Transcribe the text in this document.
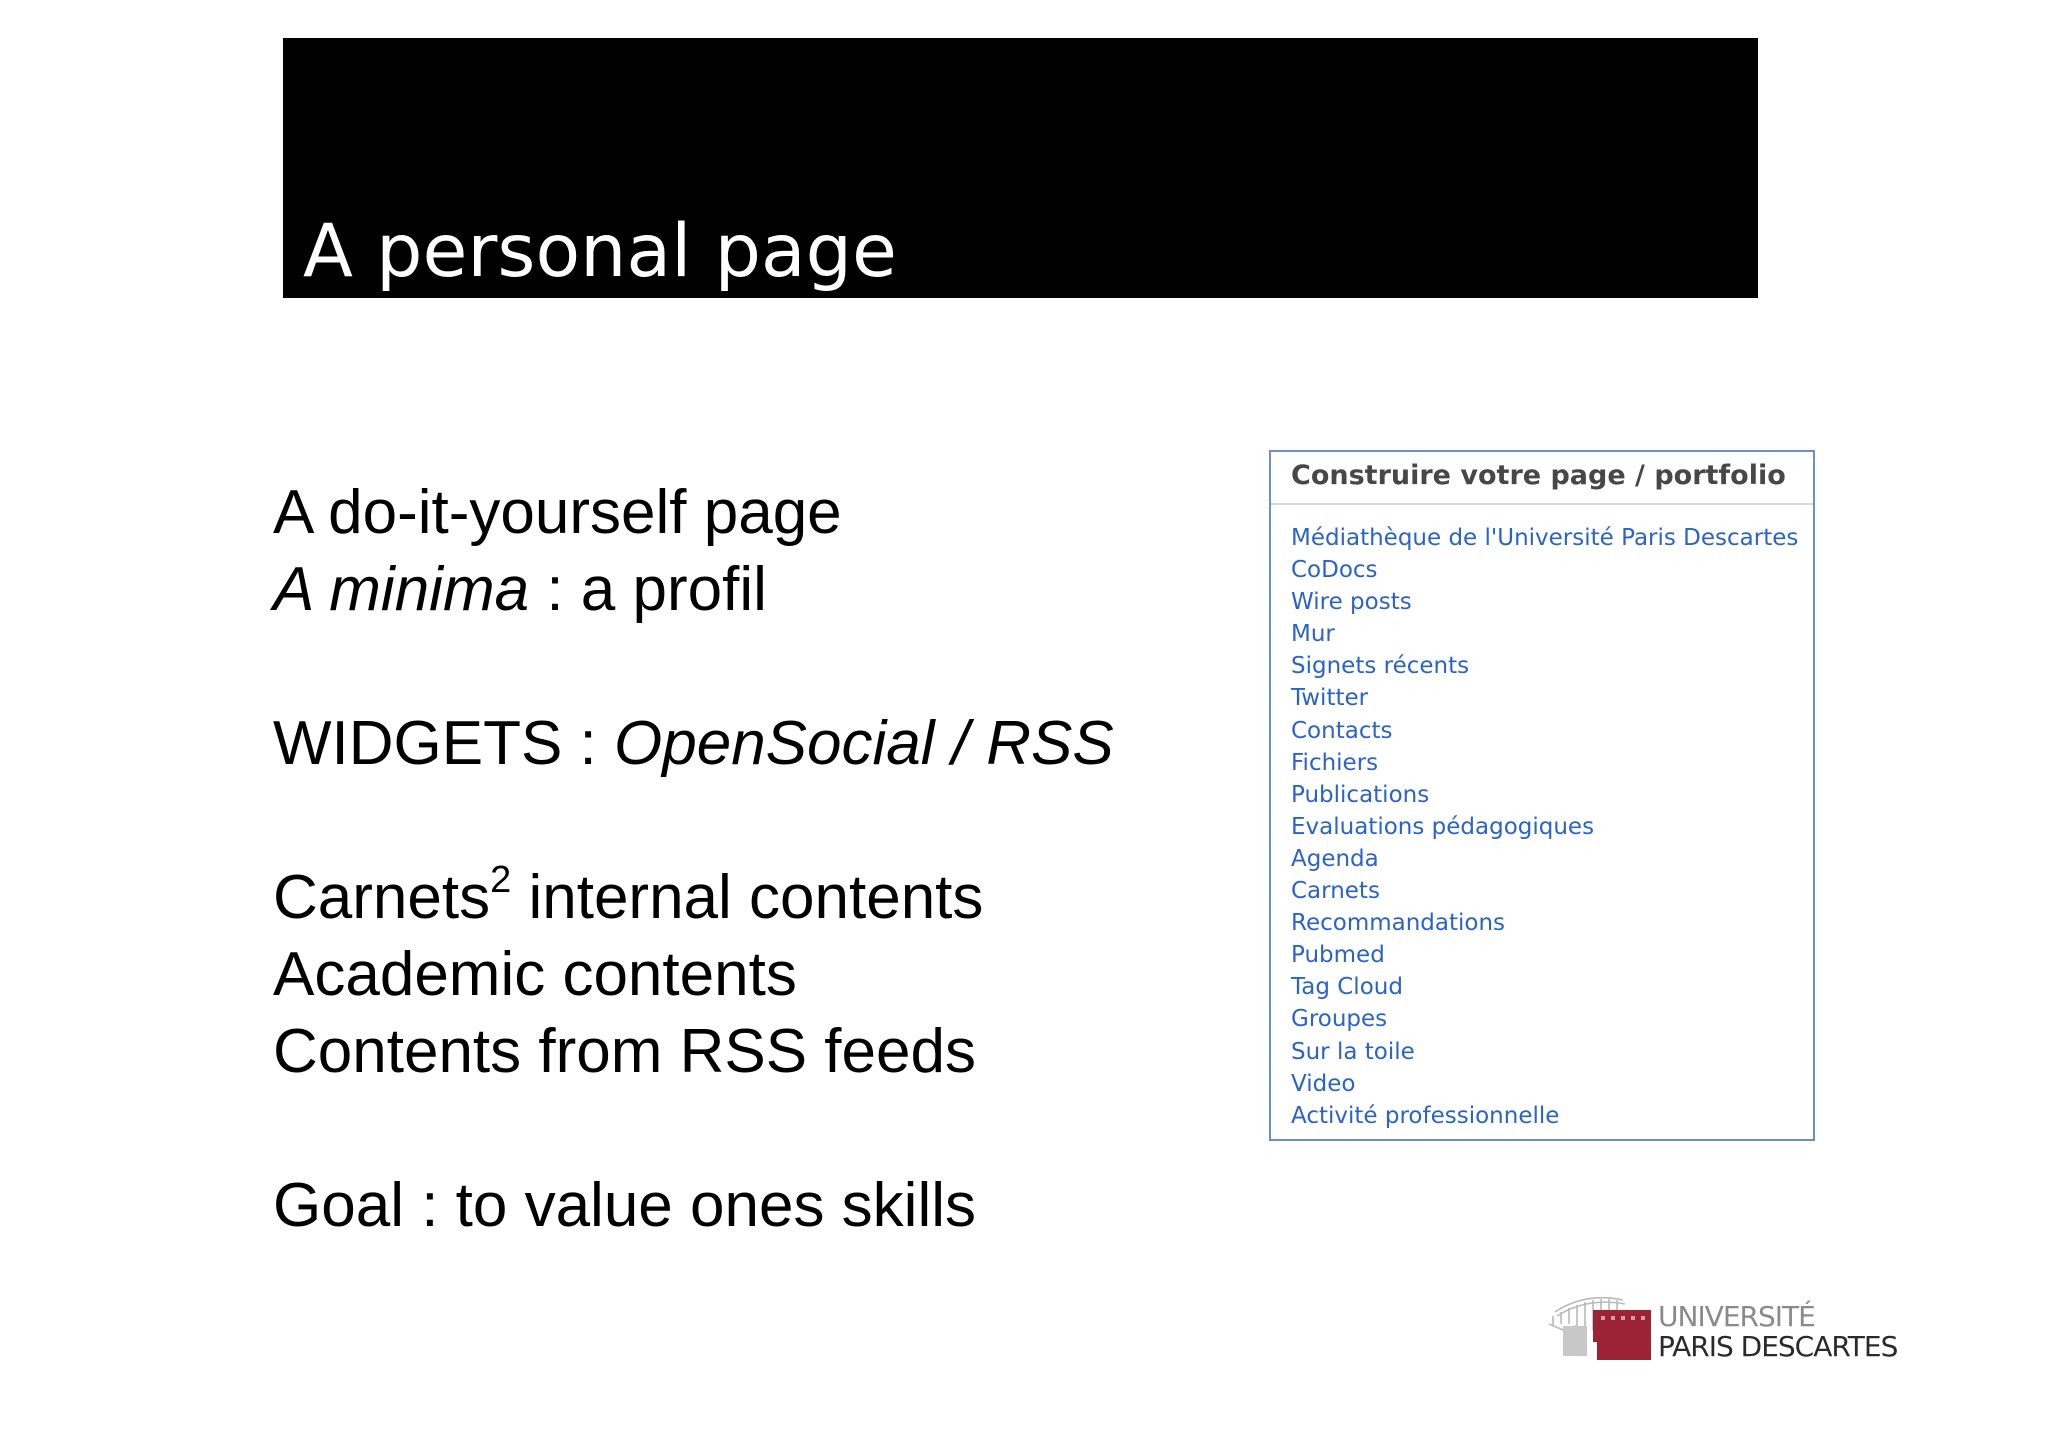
A personal page
A do-it-yourself page
A minima : a profil
WIDGETS : OpenSocial / RSS
Carnets$^2$ internal contents
Academic contents
Contents from RSS feeds
Goal : to value ones skills
Construire votre page / portfolio
Médiathèque de l'Université Paris Descartes
CoDocs
Wire posts
Mur
Signets récents
Twitter
Contacts
Fichiers
Publications
Evaluations pédagogiques
Agenda
Carnets
Recommandations
Pubmed
Tag Cloud
Groupes
Sur la toile
Video
Activité professionnelle
UNIVERSITÉ
PARIS DESCARTES
